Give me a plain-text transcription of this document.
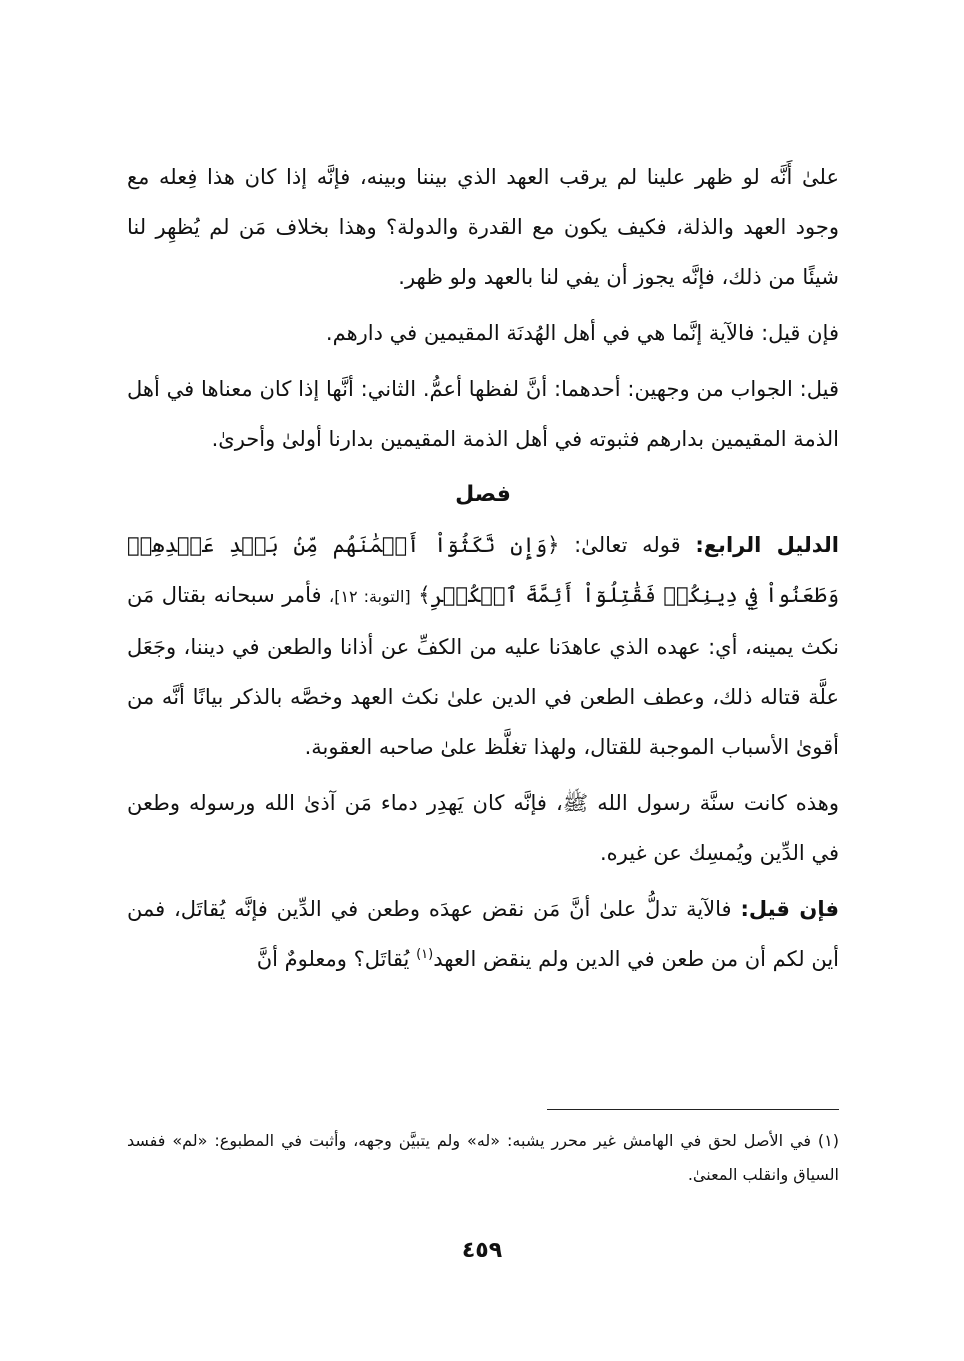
علىٰ أَنَّه لو ظهر علينا لم يرقب العهد الذي بيننا وبينه، فإنَّه إذا كان هذا فِعله مع وجود العهد والذلة، فكيف يكون مع القدرة والدولة؟ وهذا بخلاف مَن لم يُظهِر لنا شيئًا من ذلك، فإنَّه يجوز أن يفي لنا بالعهد ولو ظهر.

فإن قيل: فالآية إنَّما هي في أهل الهُدنَة المقيمين في دارهم.

قيل: الجواب من وجهين: أحدهما: أنَّ لفظها أعمُّ. الثاني: أنَّها إذا كان معناها في أهل الذمة المقيمين بدارهم فثبوته في أهل الذمة المقيمين بدارنا أولىٰ وأحرىٰ.

فصل

الدليل الرابع: قوله تعالىٰ: ﴿وَإِن نَّكَثُوٓاْ أَيۡمَٰنَهُم مِّنۢ بَعۡدِ عَهۡدِهِمۡ وَطَعَنُواْ فِي دِينِكُمۡ فَقَٰتِلُوٓاْ أَئِمَّةَ ٱلۡكُفۡرِ﴾ [التوبة: ١٢]، فأمر سبحانه بقتال مَن نكث يمينه، أي: عهده الذي عاهدَنا عليه من الكفِّ عن أذانا والطعن في ديننا، وجَعَل علَّة قتاله ذلك، وعطف الطعن في الدين علىٰ نكث العهد وخصَّه بالذكر بيانًا أنَّه من أقوىٰ الأسباب الموجبة للقتال، ولهذا تغلَّظ علىٰ صاحبه العقوبة.

وهذه كانت سنَّة رسول الله ﷺ، فإنَّه كان يَهدِر دماء مَن آذىٰ الله ورسوله وطعن في الدِّين ويُمسِك عن غيره.

فإن قيل: فالآية تدلُّ علىٰ أنَّ مَن نقض عهدَه وطعن في الدِّين فإنَّه يُقاتَل، فمن أين لكم أن من طعن في الدين ولم ينقض العهد$^{(١)}$ يُقاتَل؟ ومعلومٌ أنَّ

(١) في الأصل لحق في الهامش غير محرر يشبه: «له» ولم يتبيَّن وجهه، وأثبت في المطبوع: «لم» ففسد السياق وانقلب المعنىٰ.

٤٥٩
